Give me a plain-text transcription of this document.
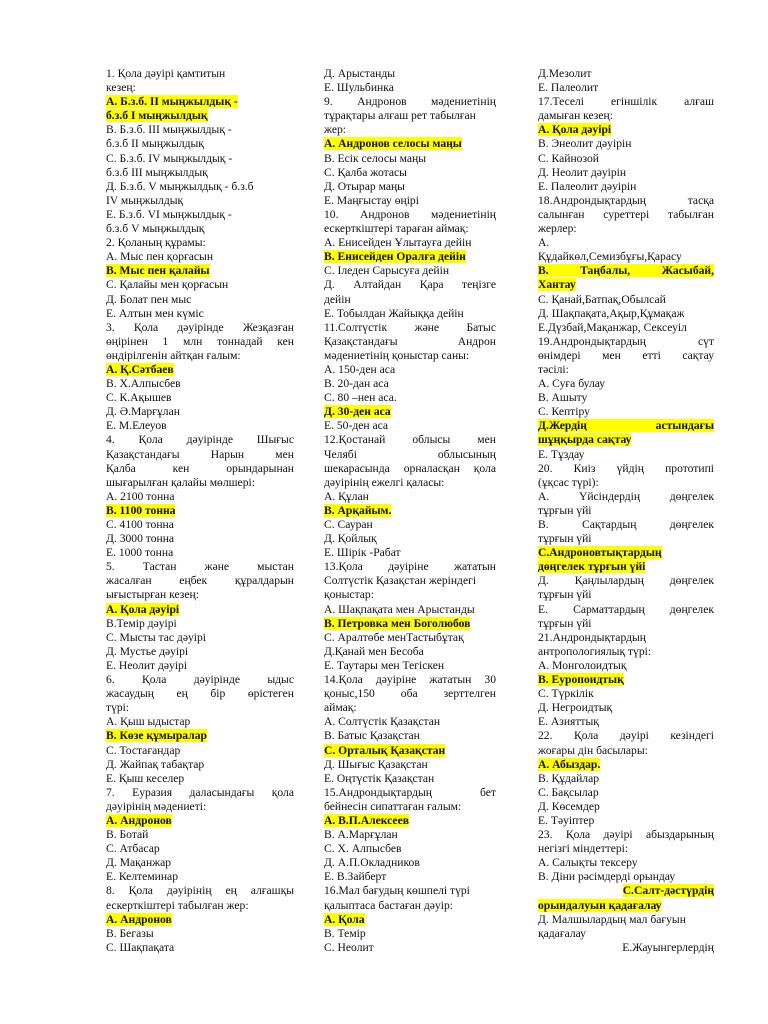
1. Қола дәуірі қамтитын
кезең:
А. Б.з.б. ІІ мыңжылдық -
б.з.б І мыңжылдық
В. Б.з.б. ІІІ мыңжылдық -
б.з.б ІІ мыңжылдық
С. Б.з.б. ІV мыңжылдық -
б.з.б ІІІ мыңжылдық
Д. Б.з.б. V мыңжылдық - б.з.б
ІV мыңжылдық
Е. Б.з.б. VІ мыңжылдық -
б.з.б V мыңжылдық
2. Қоланың құрамы:
А. Мыс пен қорғасын
В. Мыс пен қалайы
С. Қалайы мен қорғасын
Д. Болат пен мыс
Е. Алтын мен күміс
3. Қола дәуірінде Жезқазған
өңірінен 1 млн тоннадай кен
өндірілгенін айтқан ғалым:
А. Қ.Сәтбаев
В. Х.Алпысбев
С. К.Ақышев
Д. Ә.Марғұлан
Е. М.Елеуов
4. Қола дәуірінде Шығыс
Қазақстандағы Нарын мен
Қалба кен орындарынан
шығарылған қалайы мөлшері:
А. 2100 тонна
В. 1100 тонна
С. 4100 тонна
Д. 3000 тонна
Е. 1000 тонна
5. Тастан және мыстан
жасалған еңбек құралдарын
ығыстырған кезең:
А. Қола дәуірі
В.Темір дәуірі
С. Мысты тас дәуірі
Д. Мустье дәуірі
Е. Неолит дәуірі
6. Қола дәуірінде ыдыс
жасаудың ең бір өрістеген
түрі:
А. Қыш ыдыстар
В. Көзе құмыралар
С. Тостағандар
Д. Жайпақ табақтар
Е. Қыш кеселер
7. Еуразия даласындағы қола
дәуірінің мәдениеті:
А. Андронов
В. Ботай
С. Атбасар
Д. Мақанжар
Е. Келтеминар
8. Қола дәуірінің ең алғашқы
ескерткіштері табылған жер:
А. Андронов
В. Бегазы
С. Шақпақата
Д. Арыстанды
Е. Шульбинка
9. Андронов мәдениетінің
тұрақтары алғаш рет табылған
жер:
А. Андронов селосы маңы
В. Есік селосы маңы
С. Қалба жотасы
Д. Отырар маңы
Е. Маңғыстау өңірі
10. Андронов мәдениетінің
ескерткіштері тараған аймақ:
А. Енисейден Ұлытауға дейін
В. Енисейден Оралға дейін
С. Іледен Сарысуға дейін
Д. Алтайдан Қара теңізге
дейін
Е. Тобылдан Жайыққа дейін
11.Солтүстік және Батыс
Қазақстандағы Андрон
мәдениетінің қоныстар саны:
А. 150-ден аса
В. 20-дан аса
С. 80 –нен аса.
Д. 30-ден аса
Е. 50-ден аса
12.Қостанай облысы мен
Челябі облысының
шекарасында орналасқан қола
дәуірінің ежелгі қаласы:
А. Құлан
В. Арқайым.
С. Сауран
Д. Қойлық
Е. Шірік -Рабат
13.Қола дәуіріне жататын
Солтүстік Қазақстан жеріндегі
қоныстар:
А. Шақпақата мен Арыстанды
В. Петровка мен Боголюбов
С. Аралтөбе менТастыбұтақ
Д.Қанай мен Бесоба
Е. Таутары мен Тегіскен
14.Қола дәуіріне жататын 30
қоныс,150 оба зерттелген
аймақ:
А. Солтүстік Қазақстан
В. Батыс Қазақстан
С. Орталық Қазақстан
Д. Шығыс Қазақстан
Е. Оңтүстік Қазақстан
15.Андрондықтардың бет
бейнесін сипаттаған ғалым:
А. В.П.Алексеев
В. А.Марғұлан
С. Х. Алпысбев
Д. А.П.Окладников
Е. В.Зайберт
16.Мал бағудың көшпелі түрі
қалыптаса бастаған дәуір:
А. Қола
В. Темір
С. Неолит
Д.Мезолит
Е. Палеолит
17.Теселі егіншілік алғаш
дамыған кезең:
А. Қола дәуірі
В. Энеолит дәуірін
С. Кайнозой
Д. Неолит дәуірін
Е. Палеолит дәуірін
18.Андрондықтардың тасқа
салынған суреттері табылған
жерлер:
А.
Құдайкөл,Семизбұғы,Қарасу
В. Таңбалы, Жасыбай,
Хантау
С. Қанай,Батпақ,Обылсай
Д. Шақпақата,Ақыр,Құмақаж
Е.Дүзбай,Мақанжар, Сексеуіл
19.Андрондықтардың сүт
өнімдері мен етті сақтау
тәсілі:
А. Суға булау
В. Ашыту
С. Кептіру
Д.Жердің астындағы
шұңқырда сақтау
Е. Тұздау
20. Киіз үйдің прототипі
(ұқсас түрі):
А. Үйсіндердің дөңгелек
тұрғын үйі
В. Сақтардың дөңгелек
тұрғын үйі
С.Андроновтықтардың
дөңгелек тұрғын үйі
Д. Қаңлылардың дөңгелек
тұрғын үйі
Е. Сарматтардың дөңгелек
тұрғын үйі
21.Андрондықтардың
антропологиялық түрі:
А. Монголоидтық
В. Еуропоидтық
С. Түркілік
Д. Негроидтық
Е. Азияттық
22. Қола дәуірі кезіндегі
жоғары дін басылары:
А. Абыздар.
В. Құдайлар
С. Бақсылар
Д. Көсемдер
Е. Тәуіптер
23. Қола дәуірі абыздарының
негізгі міндеттері:
А. Салықты тексеру
В. Діни рәсімдерді орындау
С.Салт-дәстүрдің
орындалуын қадағалау
Д. Малшылардың мал бағуын
қадағалау
Е.Жауынгерлердің
